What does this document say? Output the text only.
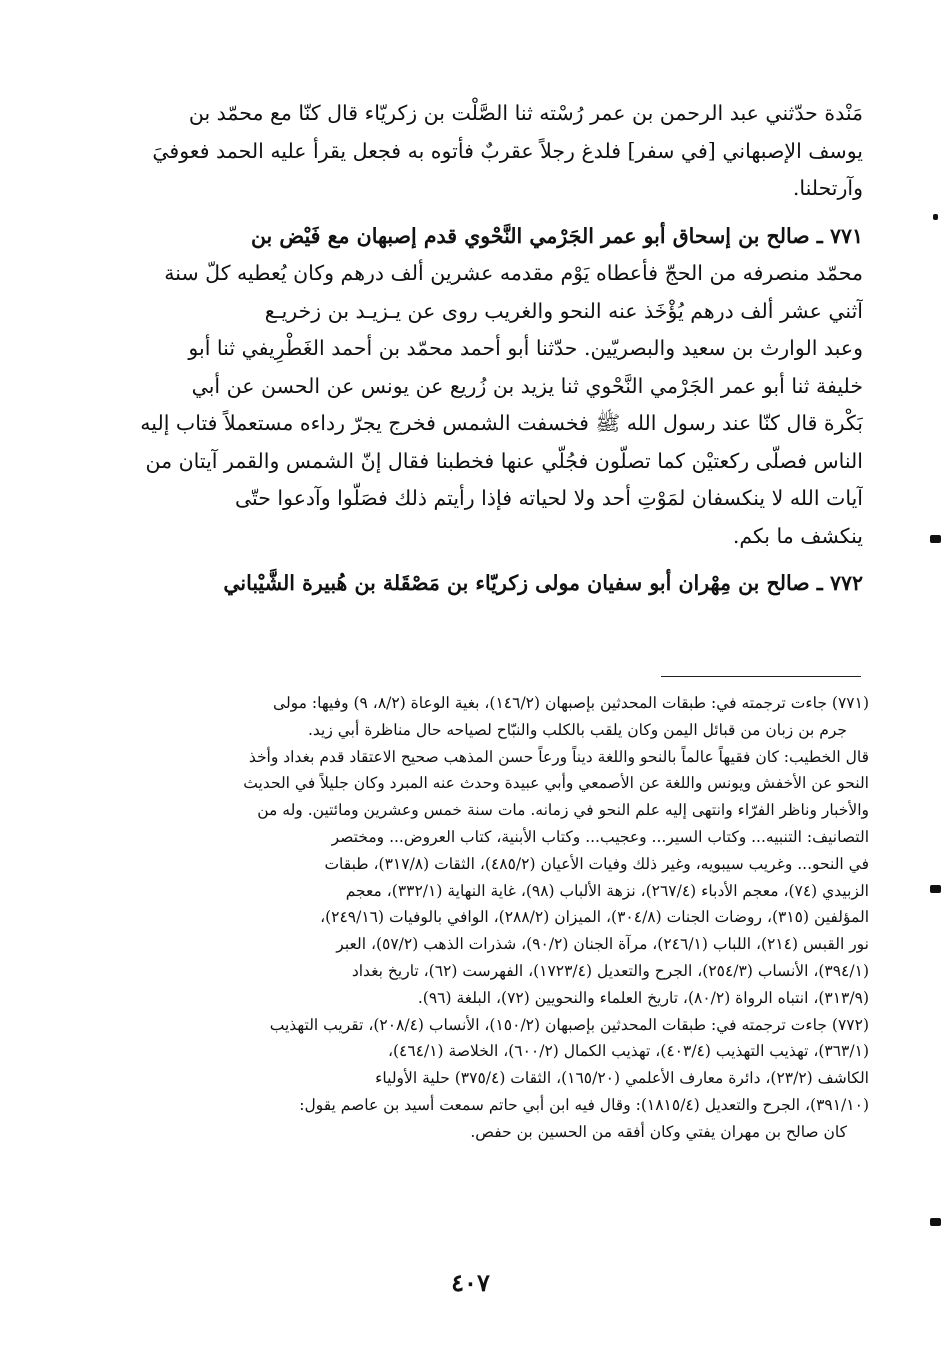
مَنْدة حدّثني عبد الرحمن بن عمر رُسْته ثنا الصَّلْت بن زكريّاء قال كنّا مع محمّد بن
يوسف الإصبهاني [في سفر] فلدغ رجلاً عقربٌ فأتوه به فجعل يقرأ عليه الحمد فعوفيَ
وآرتحلنا.
٧٧١ ـ صالح بن إسحاق أبو عمر الجَرْمي النَّحْوي قدم إصبهان مع فَيْض بن
محمّد منصرفه من الحجّ فأعطاه يَوْم مقدمه عشرين ألف درهم وكان يُعطيه كلّ سنة
آثني عشر ألف درهم يُؤْخَذ عنه النحو والغريب روى عن يـزيـد بن زخريـع
وعبد الوارث بن سعيد والبصريّين. حدّثنا أبو أحمد محمّد بن أحمد الغَطْرِيفي ثنا أبو
خليفة ثنا أبو عمر الجَرْمي النَّحْوي ثنا يزيد بن زُريع عن يونس عن الحسن عن أبي
بَكْرة قال كنّا عند رسول الله ﷺ فخسفت الشمس فخرج يجرّ رداءه مستعملاً فتاب إليه
الناس فصلّى ركعتيْن كما تصلّون فجُلّي عنها فخطبنا فقال إنّ الشمس والقمر آيتان من
آيات الله لا ينكسفان لمَوْتِ أحد ولا لحياته فإذا رأيتم ذلك فصَلّوا وآدعوا حتّى
ينكشف ما بكم.
٧٧٢ ـ صالح بن مِهْران أبو سفيان مولى زكريّاء بن مَصْقَلة بن هُبيرة الشَّيْباني
(٧٧١) جاءت ترجمته في: طبقات المحدثين بإصبهان (١٤٦/٢)، بغية الوعاة (٨/٢، ٩) وفيها: مولى
جرم بن زبان من قبائل اليمن وكان يلقب بالكلب والنبّاح لصياحه حال مناظرة أبي زيد.
قال الخطيب: كان فقيهاً عالماً بالنحو واللغة ديناً ورعاً حسن المذهب صحيح الاعتقاد قدم بغداد وأخذ
النحو عن الأخفش ويونس واللغة عن الأصمعي وأبي عبيدة وحدث عنه المبرد وكان جليلاً في الحديث
والأخبار وناظر الفرّاء وانتهى إليه علم النحو في زمانه. مات سنة خمس وعشرين ومائتين. وله من
التصانيف: التنبيه... وكتاب السير... وعجيب... وكتاب الأبنية، كتاب العروض... ومختصر
في النحو... وغريب سيبويه، وغير ذلك وفيات الأعيان (٤٨٥/٢)، الثقات (٣١٧/٨)، طبقات
الزبيدي (٧٤)، معجم الأدباء (٢٦٧/٤)، نزهة الألباب (٩٨)، غاية النهاية (٣٣٢/١)، معجم
المؤلفين (٣١٥)، روضات الجنات (٣٠٤/٨)، الميزان (٢٨٨/٢)، الوافي بالوفيات (٢٤٩/١٦)،
نور القبس (٢١٤)، اللباب (٢٤٦/١)، مرآة الجنان (٩٠/٢)، شذرات الذهب (٥٧/٢)، العبر
(٣٩٤/١)، الأنساب (٢٥٤/٣)، الجرح والتعديل (١٧٢٣/٤)، الفهرست (٦٢)، تاريخ بغداد
(٣١٣/٩)، انتباه الرواة (٨٠/٢)، تاريخ العلماء والنحويين (٧٢)، البلغة (٩٦).
(٧٧٢) جاءت ترجمته في: طبقات المحدثين بإصبهان (١٥٠/٢)، الأنساب (٢٠٨/٤)، تقريب التهذيب
(٣٦٣/١)، تهذيب التهذيب (٤٠٣/٤)، تهذيب الكمال (٦٠٠/٢)، الخلاصة (٤٦٤/١)،
الكاشف (٢٣/٢)، دائرة معارف الأعلمي (١٦٥/٢٠)، الثقات (٣٧٥/٤) حلية الأولياء
(٣٩١/١٠)، الجرح والتعديل (١٨١٥/٤): وقال فيه ابن أبي حاتم سمعت أسيد بن عاصم يقول:
كان صالح بن مهران يفتي وكان أفقه من الحسين بن حفص.
٤٠٧
